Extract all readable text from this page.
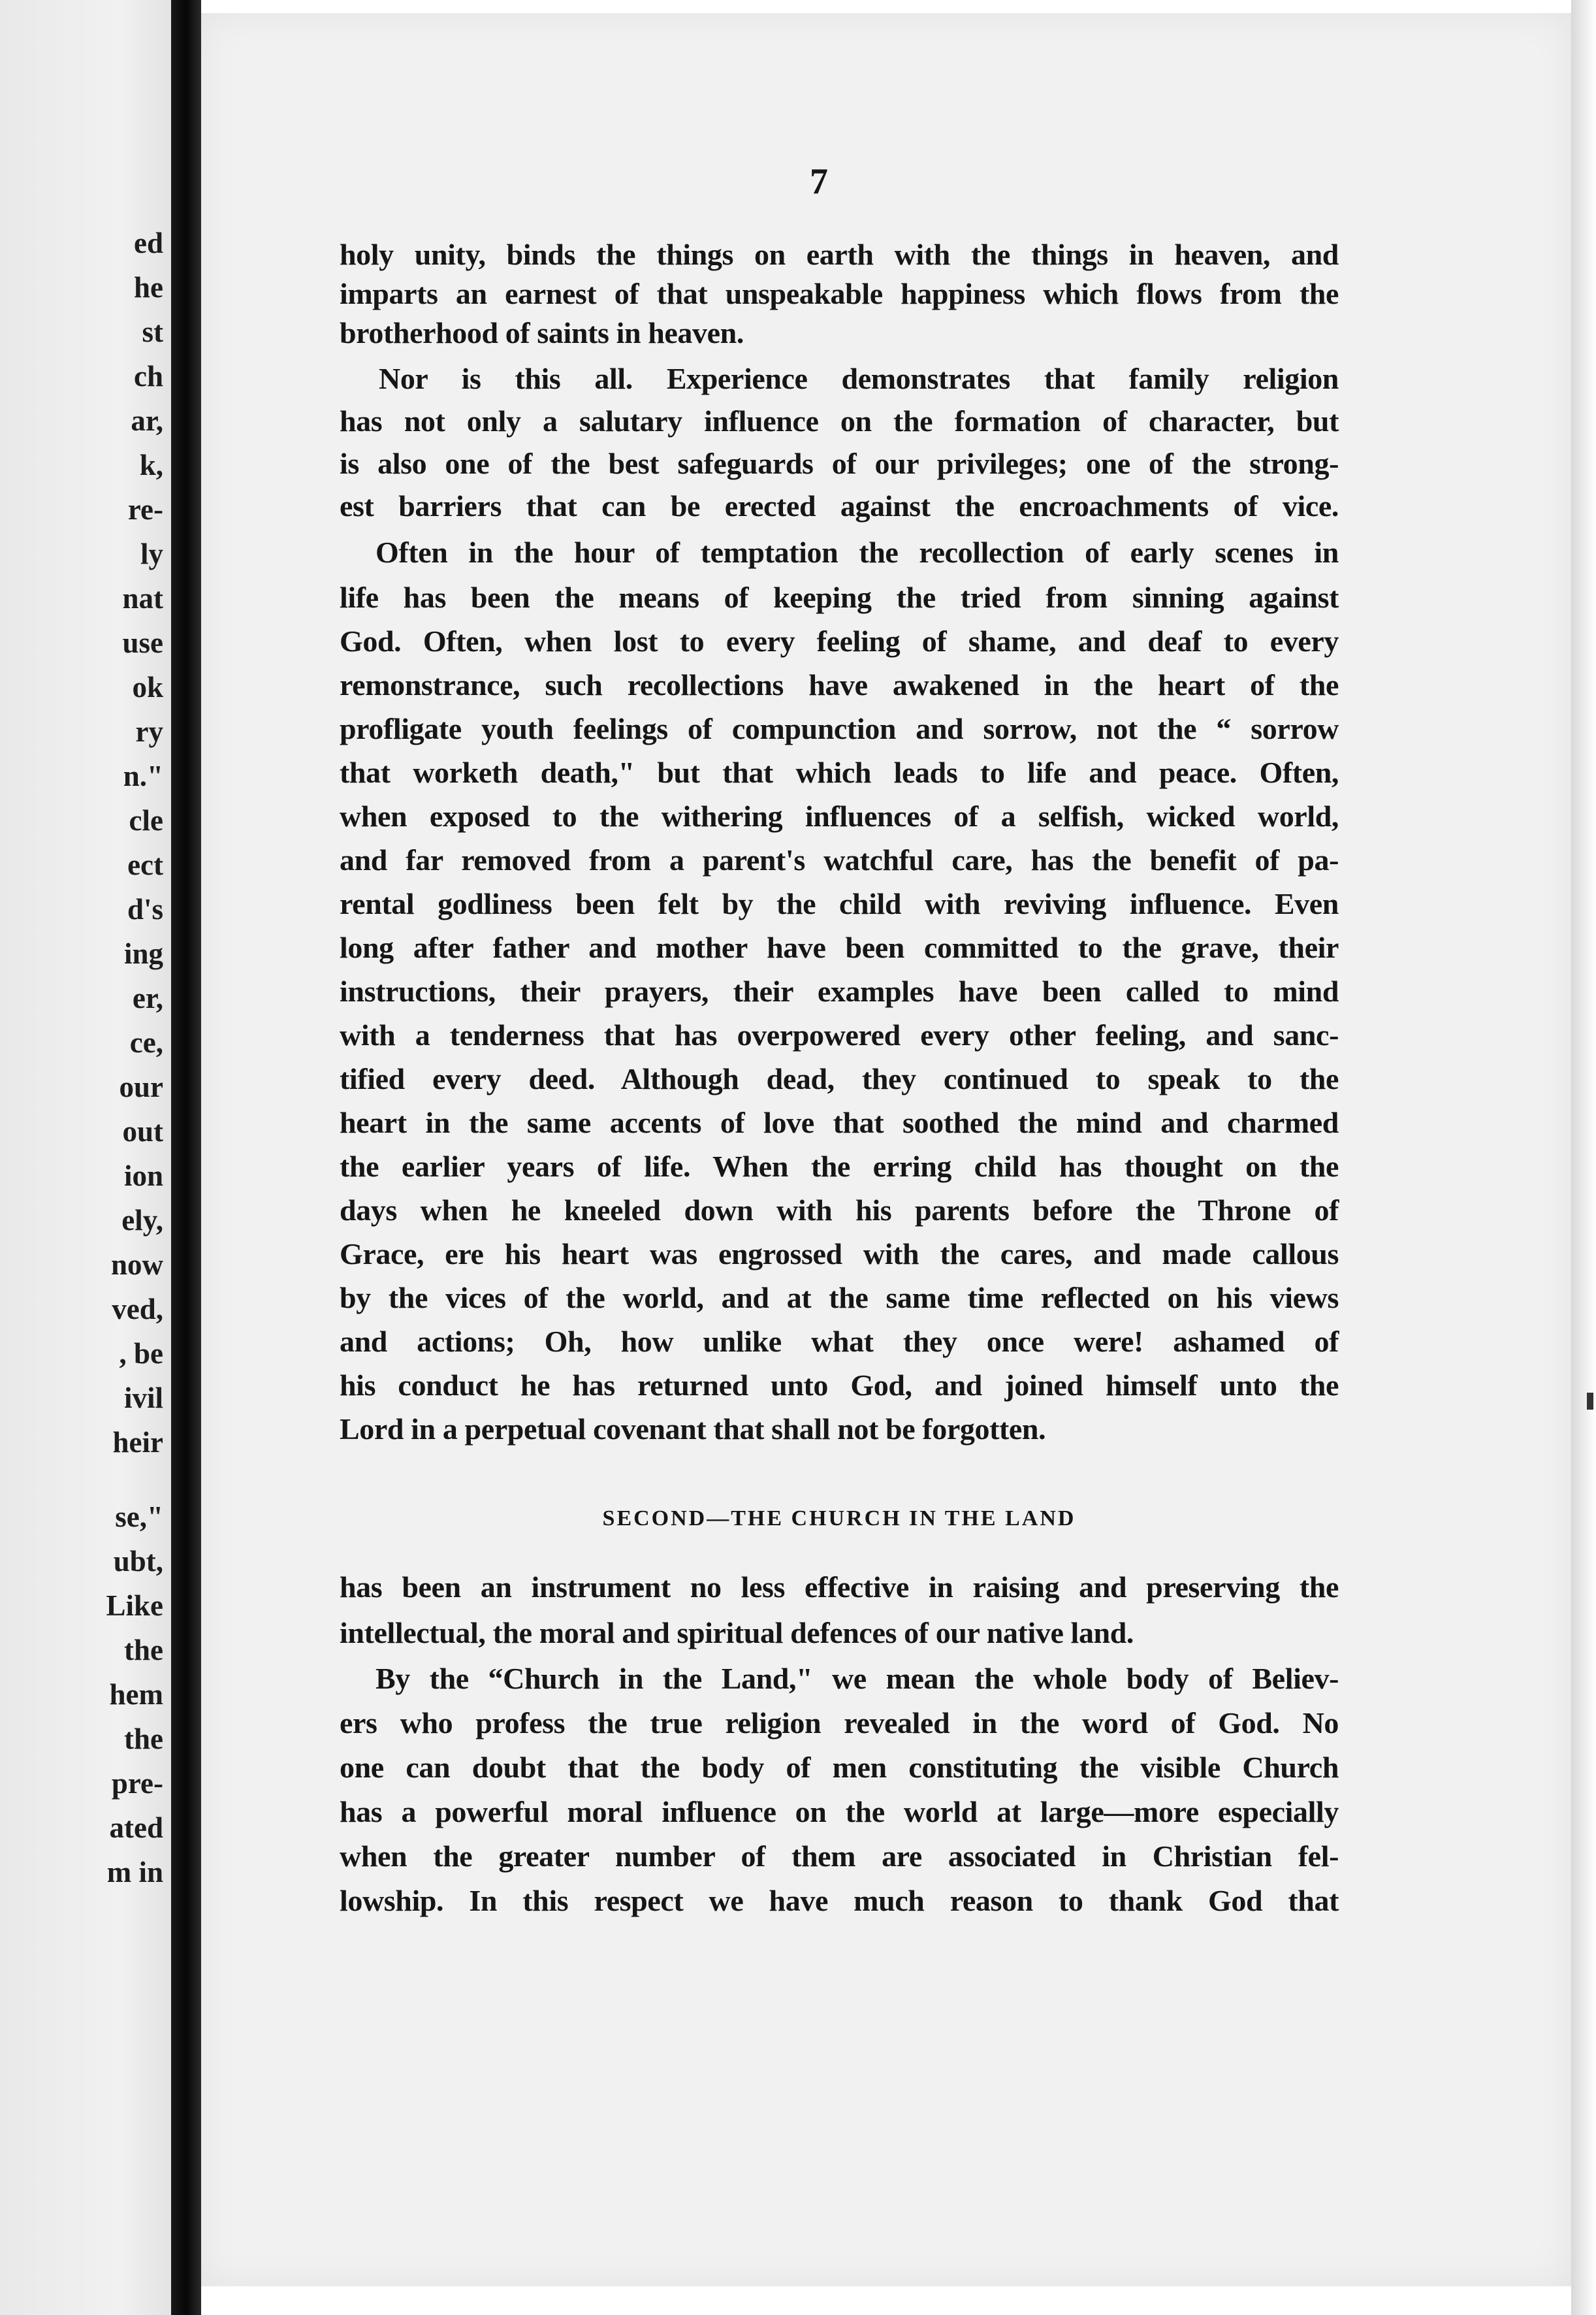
ed

he

st

ch

ar,

k,

re-

ly

nat

use

ok

ry

n."

cle

ect

d's

ing

er,

ce,

our

out

ion

ely,

now

ved,

, be

ivil

heir

se,"

ubt,

Like

the

hem

the

pre-

ated

m in

7

holy unity, binds the things on earth with the things in heaven, and

imparts an earnest of that unspeakable happiness which flows from the

brotherhood of saints in heaven.

Nor is this all. Experience demonstrates that family religion

has not only a salutary influence on the formation of character, but

is also one of the best safeguards of our privileges; one of the strong-

est barriers that can be erected against the encroachments of vice.

Often in the hour of temptation the recollection of early scenes in

life has been the means of keeping the tried from sinning against

God. Often, when lost to every feeling of shame, and deaf to every

remonstrance, such recollections have awakened in the heart of the

profligate youth feelings of compunction and sorrow, not the “ sorrow

that worketh death," but that which leads to life and peace. Often,

when exposed to the withering influences of a selfish, wicked world,

and far removed from a parent's watchful care, has the benefit of pa-

rental godliness been felt by the child with reviving influence. Even

long after father and mother have been committed to the grave, their

instructions, their prayers, their examples have been called to mind

with a tenderness that has overpowered every other feeling, and sanc-

tified every deed. Although dead, they continued to speak to the

heart in the same accents of love that soothed the mind and charmed

the earlier years of life. When the erring child has thought on the

days when he kneeled down with his parents before the Throne of

Grace, ere his heart was engrossed with the cares, and made callous

by the vices of the world, and at the same time reflected on his views

and actions; Oh, how unlike what they once were! ashamed of

his conduct he has returned unto God, and joined himself unto the

Lord in a perpetual covenant that shall not be forgotten.

SECOND—THE CHURCH IN THE LAND

has been an instrument no less effective in raising and preserving the

intellectual, the moral and spiritual defences of our native land.

By the “Church in the Land," we mean the whole body of Believ-

ers who profess the true religion revealed in the word of God. No

one can doubt that the body of men constituting the visible Church

has a powerful moral influence on the world at large—more especially

when the greater number of them are associated in Christian fel-

lowship. In this respect we have much reason to thank God that
